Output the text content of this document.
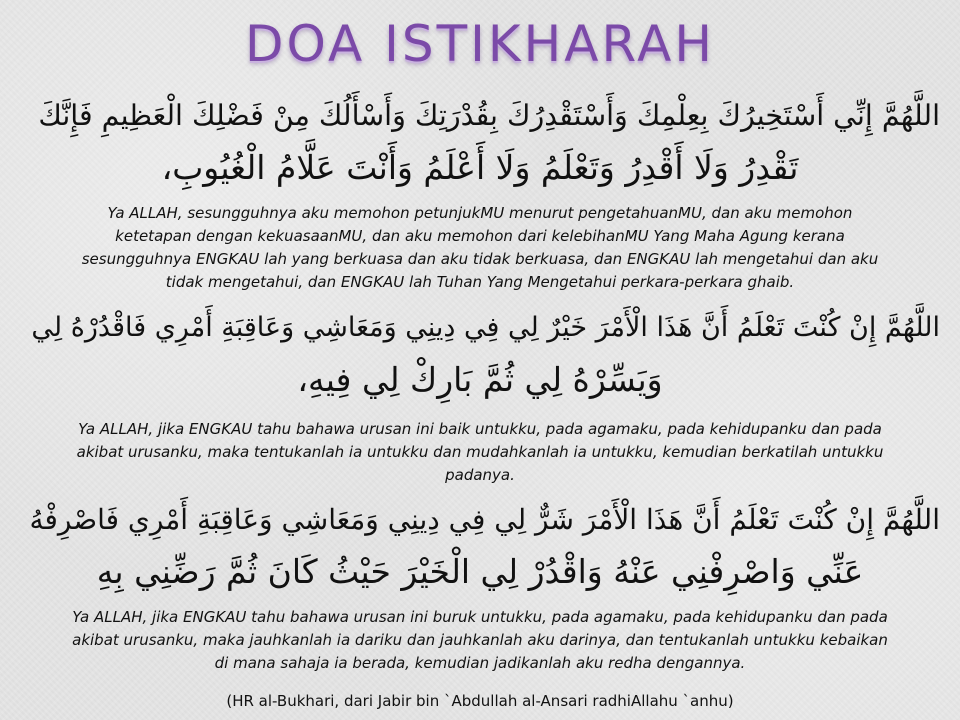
DOA ISTIKHARAH
اللَّهُمَّ إِنِّي أَسْتَخِيرُكَ بِعِلْمِكَ وَأَسْتَقْدِرُكَ بِقُدْرَتِكَ وَأَسْأَلُكَ مِنْ فَضْلِكَ الْعَظِيمِ فَإِنَّكَ
تَقْدِرُ وَلَا أَقْدِرُ وَتَعْلَمُ وَلَا أَعْلَمُ وَأَنْتَ عَلَّامُ الْغُيُوبِ،
Ya ALLAH, sesungguhnya aku memohon petunjukMU menurut pengetahuanMU, dan aku memohon
ketetapan dengan kekuasaanMU, dan aku memohon dari kelebihanMU Yang Maha Agung kerana
sesungguhnya ENGKAU lah yang berkuasa dan aku tidak berkuasa, dan ENGKAU lah mengetahui dan aku
tidak mengetahui, dan ENGKAU lah Tuhan Yang Mengetahui perkara-perkara ghaib.
اللَّهُمَّ إِنْ كُنْتَ تَعْلَمُ أَنَّ هَذَا الْأَمْرَ خَيْرٌ لِي فِي دِينِي وَمَعَاشِي وَعَاقِبَةِ أَمْرِي فَاقْدُرْهُ لِي
وَيَسِّرْهُ لِي ثُمَّ بَارِكْ لِي فِيهِ،
Ya ALLAH, jika ENGKAU tahu bahawa urusan ini baik untukku, pada agamaku, pada kehidupanku dan pada
akibat urusanku, maka tentukanlah ia untukku dan mudahkanlah ia untukku, kemudian berkatilah untukku
padanya.
اللَّهُمَّ إِنْ كُنْتَ تَعْلَمُ أَنَّ هَذَا الْأَمْرَ شَرٌّ لِي فِي دِينِي وَمَعَاشِي وَعَاقِبَةِ أَمْرِي فَاصْرِفْهُ
عَنِّي وَاصْرِفْنِي عَنْهُ وَاقْدُرْ لِي الْخَيْرَ حَيْثُ كَانَ ثُمَّ رَضِّنِي بِهِ
Ya ALLAH, jika ENGKAU tahu bahawa urusan ini buruk untukku, pada agamaku, pada kehidupanku dan pada
akibat urusanku, maka jauhkanlah ia dariku dan jauhkanlah aku darinya, dan tentukanlah untukku kebaikan
di mana sahaja ia berada, kemudian jadikanlah aku redha dengannya.
(HR al-Bukhari, dari Jabir bin `Abdullah al-Ansari radhiAllahu `anhu)
